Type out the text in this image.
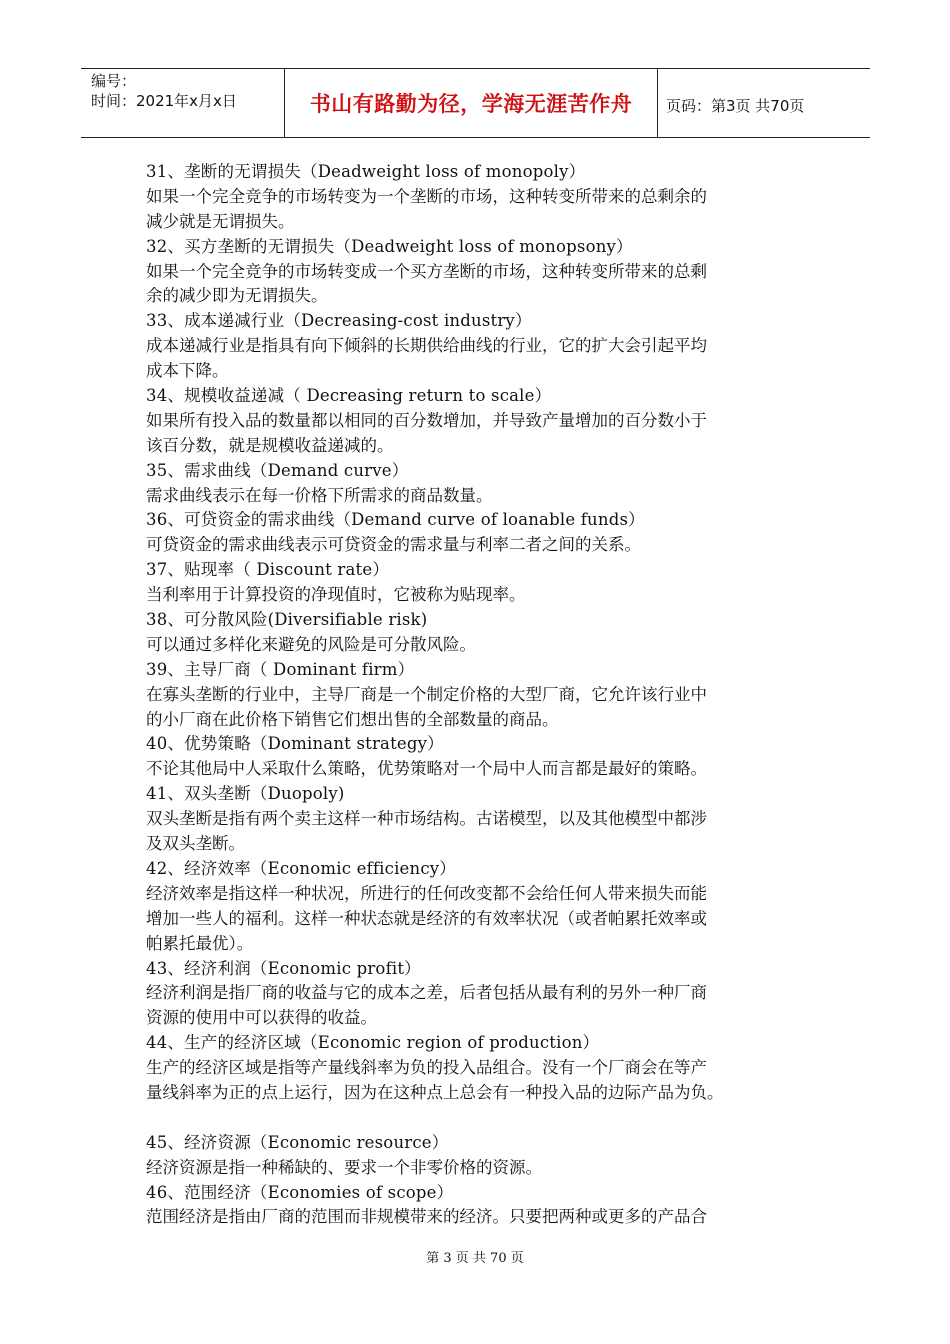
编号：
时间：2021年x月x日	书山有路勤为径，学海无涯苦作舟 页码：第3页 共70页
31、垄断的无谓损失（Deadweight loss of monopoly）
如果一个完全竞争的市场转变为一个垄断的市场，这种转变所带来的总剩余的
减少就是无谓损失。
32、买方垄断的无谓损失（Deadweight loss of monopsony）
如果一个完全竞争的市场转变成一个买方垄断的市场，这种转变所带来的总剩
余的减少即为无谓损失。
33、成本递减行业（Decreasing-cost industry）
成本递减行业是指具有向下倾斜的长期供给曲线的行业，它的扩大会引起平均
成本下降。
34、规模收益递减（ Decreasing return to scale）
如果所有投入品的数量都以相同的百分数增加，并导致产量增加的百分数小于
该百分数，就是规模收益递减的。
35、需求曲线（Demand curve）
需求曲线表示在每一价格下所需求的商品数量。
36、可贷资金的需求曲线（Demand curve of loanable funds）
可贷资金的需求曲线表示可贷资金的需求量与利率二者之间的关系。
37、贴现率（ Discount rate）
当利率用于计算投资的净现值时，它被称为贴现率。
38、可分散风险(Diversifiable risk)
可以通过多样化来避免的风险是可分散风险。
39、主导厂商（ Dominant firm）
在寡头垄断的行业中，主导厂商是一个制定价格的大型厂商，它允许该行业中
的小厂商在此价格下销售它们想出售的全部数量的商品。
40、优势策略（Dominant strategy）
不论其他局中人采取什么策略，优势策略对一个局中人而言都是最好的策略。
41、双头垄断（Duopoly)
双头垄断是指有两个卖主这样一种市场结构。古诺模型，以及其他模型中都涉
及双头垄断。
42、经济效率（Economic efficiency）
经济效率是指这样一种状况，所进行的任何改变都不会给任何人带来损失而能
增加一些人的福利。这样一种状态就是经济的有效率状况（或者帕累托效率或
帕累托最优）。
43、经济利润（Economic profit）
经济利润是指厂商的收益与它的成本之差，后者包括从最有利的另外一种厂商
资源的使用中可以获得的收益。
44、生产的经济区域（Economic region of production）
生产的经济区域是指等产量线斜率为负的投入品组合。没有一个厂商会在等产
量线斜率为正的点上运行，因为在这种点上总会有一种投入品的边际产品为负。
45、经济资源（Economic resource）
经济资源是指一种稀缺的、要求一个非零价格的资源。
46、范围经济（Economies of scope）
范围经济是指由厂商的范围而非规模带来的经济。只要把两种或更多的产品合
第 3 页 共 70 页
